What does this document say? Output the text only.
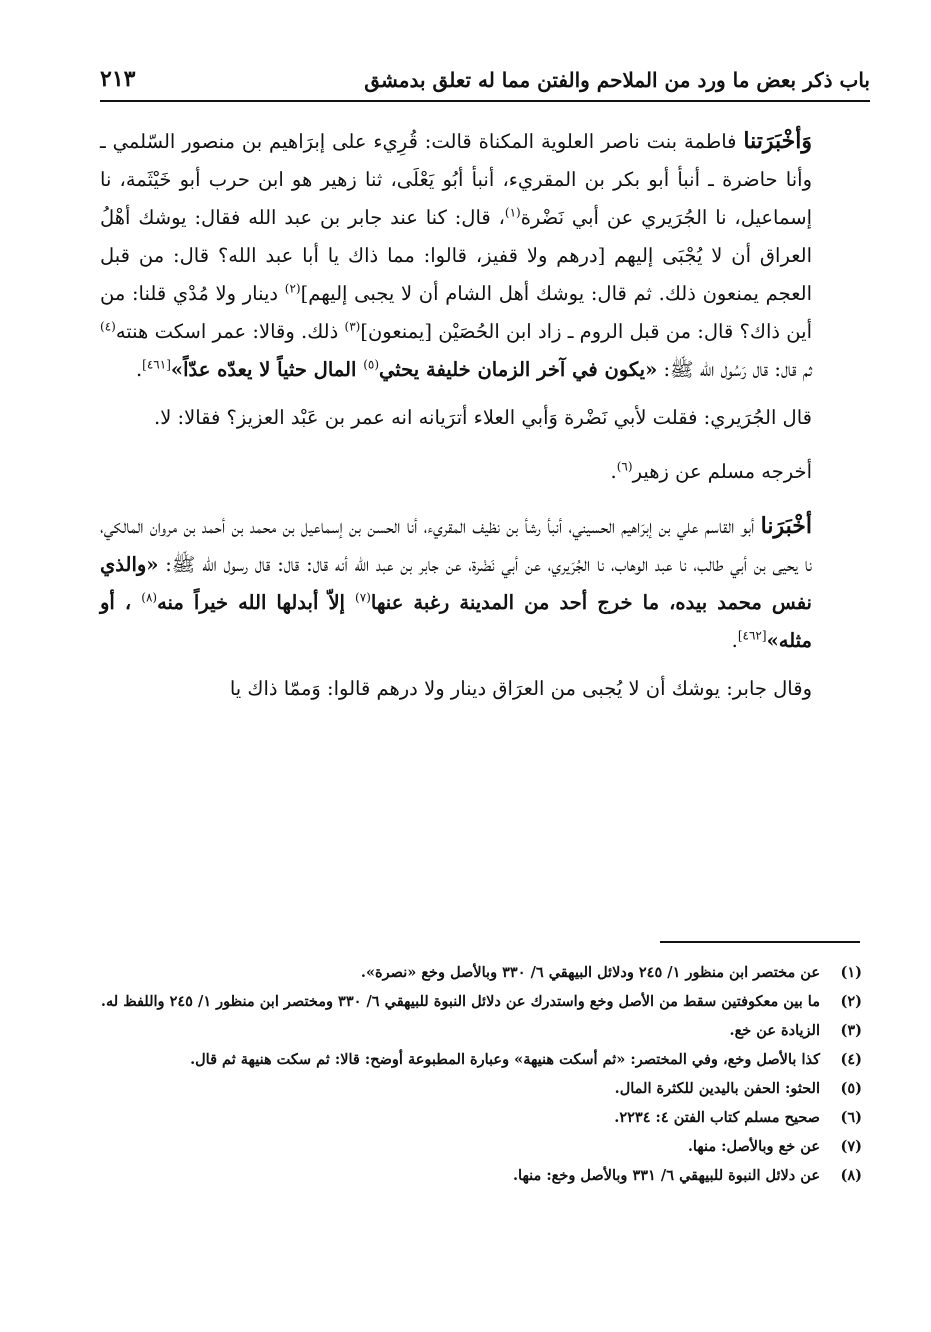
باب ذكر بعض ما ورد من الملاحم والفتن مما له تعلق بدمشق
٢١٣

وَأخْبَرَتنا فاطمة بنت ناصر العلوية المكناة قالت: قُرِيء على إبرَاهيم بن منصور السّلمي ـ وأنا حاضرة ـ أنبأ أبو بكر بن المقريء، أنبأ أبُو يَعْلَى، ثنا زهير هو ابن حرب أبو خَيْثَمة، نا إسماعيل، نا الجُرَيري عن أبي نَضْرة$^{(١)}$، قال: كنا عند جابر بن عبد الله فقال: يوشك أهْلُ العراق أن لا يُجْبَى إليهم [درهم ولا قفيز، قالوا: مما ذاك يا أبا عبد الله؟ قال: من قبل العجم يمنعون ذلك. ثم قال: يوشك أهل الشام أن لا يجبى إليهم]$^{(٢)}$ دينار ولا مُدْي قلنا: من أين ذاك؟ قال: من قبل الروم ـ زاد ابن الحُصَيْن [يمنعون]$^{(٣)}$ ذلك. وقالا: عمر اسكت هنته$^{(٤)}$ ثم قال: قال رَسُول الله ﷺ: «يكون في آخر الزمان خليفة يحثي$^{(٥)}$ المال حثياً لا يعدّه عدّاً»[٤٦١].

قال الجُرَيري: فقلت لأبي نَضْرة وَأبي العلاء أترَيانه انه عمر بن عَبْد العزيز؟ فقالا: لا.

أخرجه مسلم عن زهير$^{(٦)}$.

أخْبَرَنا أبو القاسم علي بن إبرَاهيم الحسيني، أنبأ رشأ بن نظيف المقريء، أنا الحسن بن إسماعيل بن محمد بن أحمد بن مروان المالكي، نا يحيى بن أبي طالب، نا عبد الوهاب، نا الجُرَيري، عن أبي نَضْرة، عن جابر بن عبد الله أنه قال: قال: قال رسول الله ﷺ: «والذي نفس محمد بيده، ما خرج أحد من المدينة رغبة عنها$^{(٧)}$ إلاّ أبدلها الله خيراً منه$^{(٨)}$ ، أو مثله»[٤٦٢].

وقال جابر: يوشك أن لا يُجبى من العرَاق دينار ولا درهم قالوا: وَممّا ذاك يا

(١)
عن مختصر ابن منظور ١/ ٢٤٥ ودلائل البيهقي ٦/ ٣٣٠ وبالأصل وخع «نصرة».
(٢)
ما بين معكوفتين سقط من الأصل وخع واستدرك عن دلائل النبوة للبيهقي ٦/ ٣٣٠ ومختصر ابن منظور ١/ ٢٤٥ واللفظ له.
(٣)
الزيادة عن خع.
(٤)
كذا بالأصل وخع، وفي المختصر: «ثم أسكت هنيهة» وعبارة المطبوعة أوضح: قالا: ثم سكت هنيهة ثم قال.
(٥)
الحثو: الحفن باليدين للكثرة المال.
(٦)
صحيح مسلم كتاب الفتن ٤: ٢٢٣٤.
(٧)
عن خع وبالأصل: منها.
(٨)
عن دلائل النبوة للبيهقي ٦/ ٣٣١ وبالأصل وخع: منها.
